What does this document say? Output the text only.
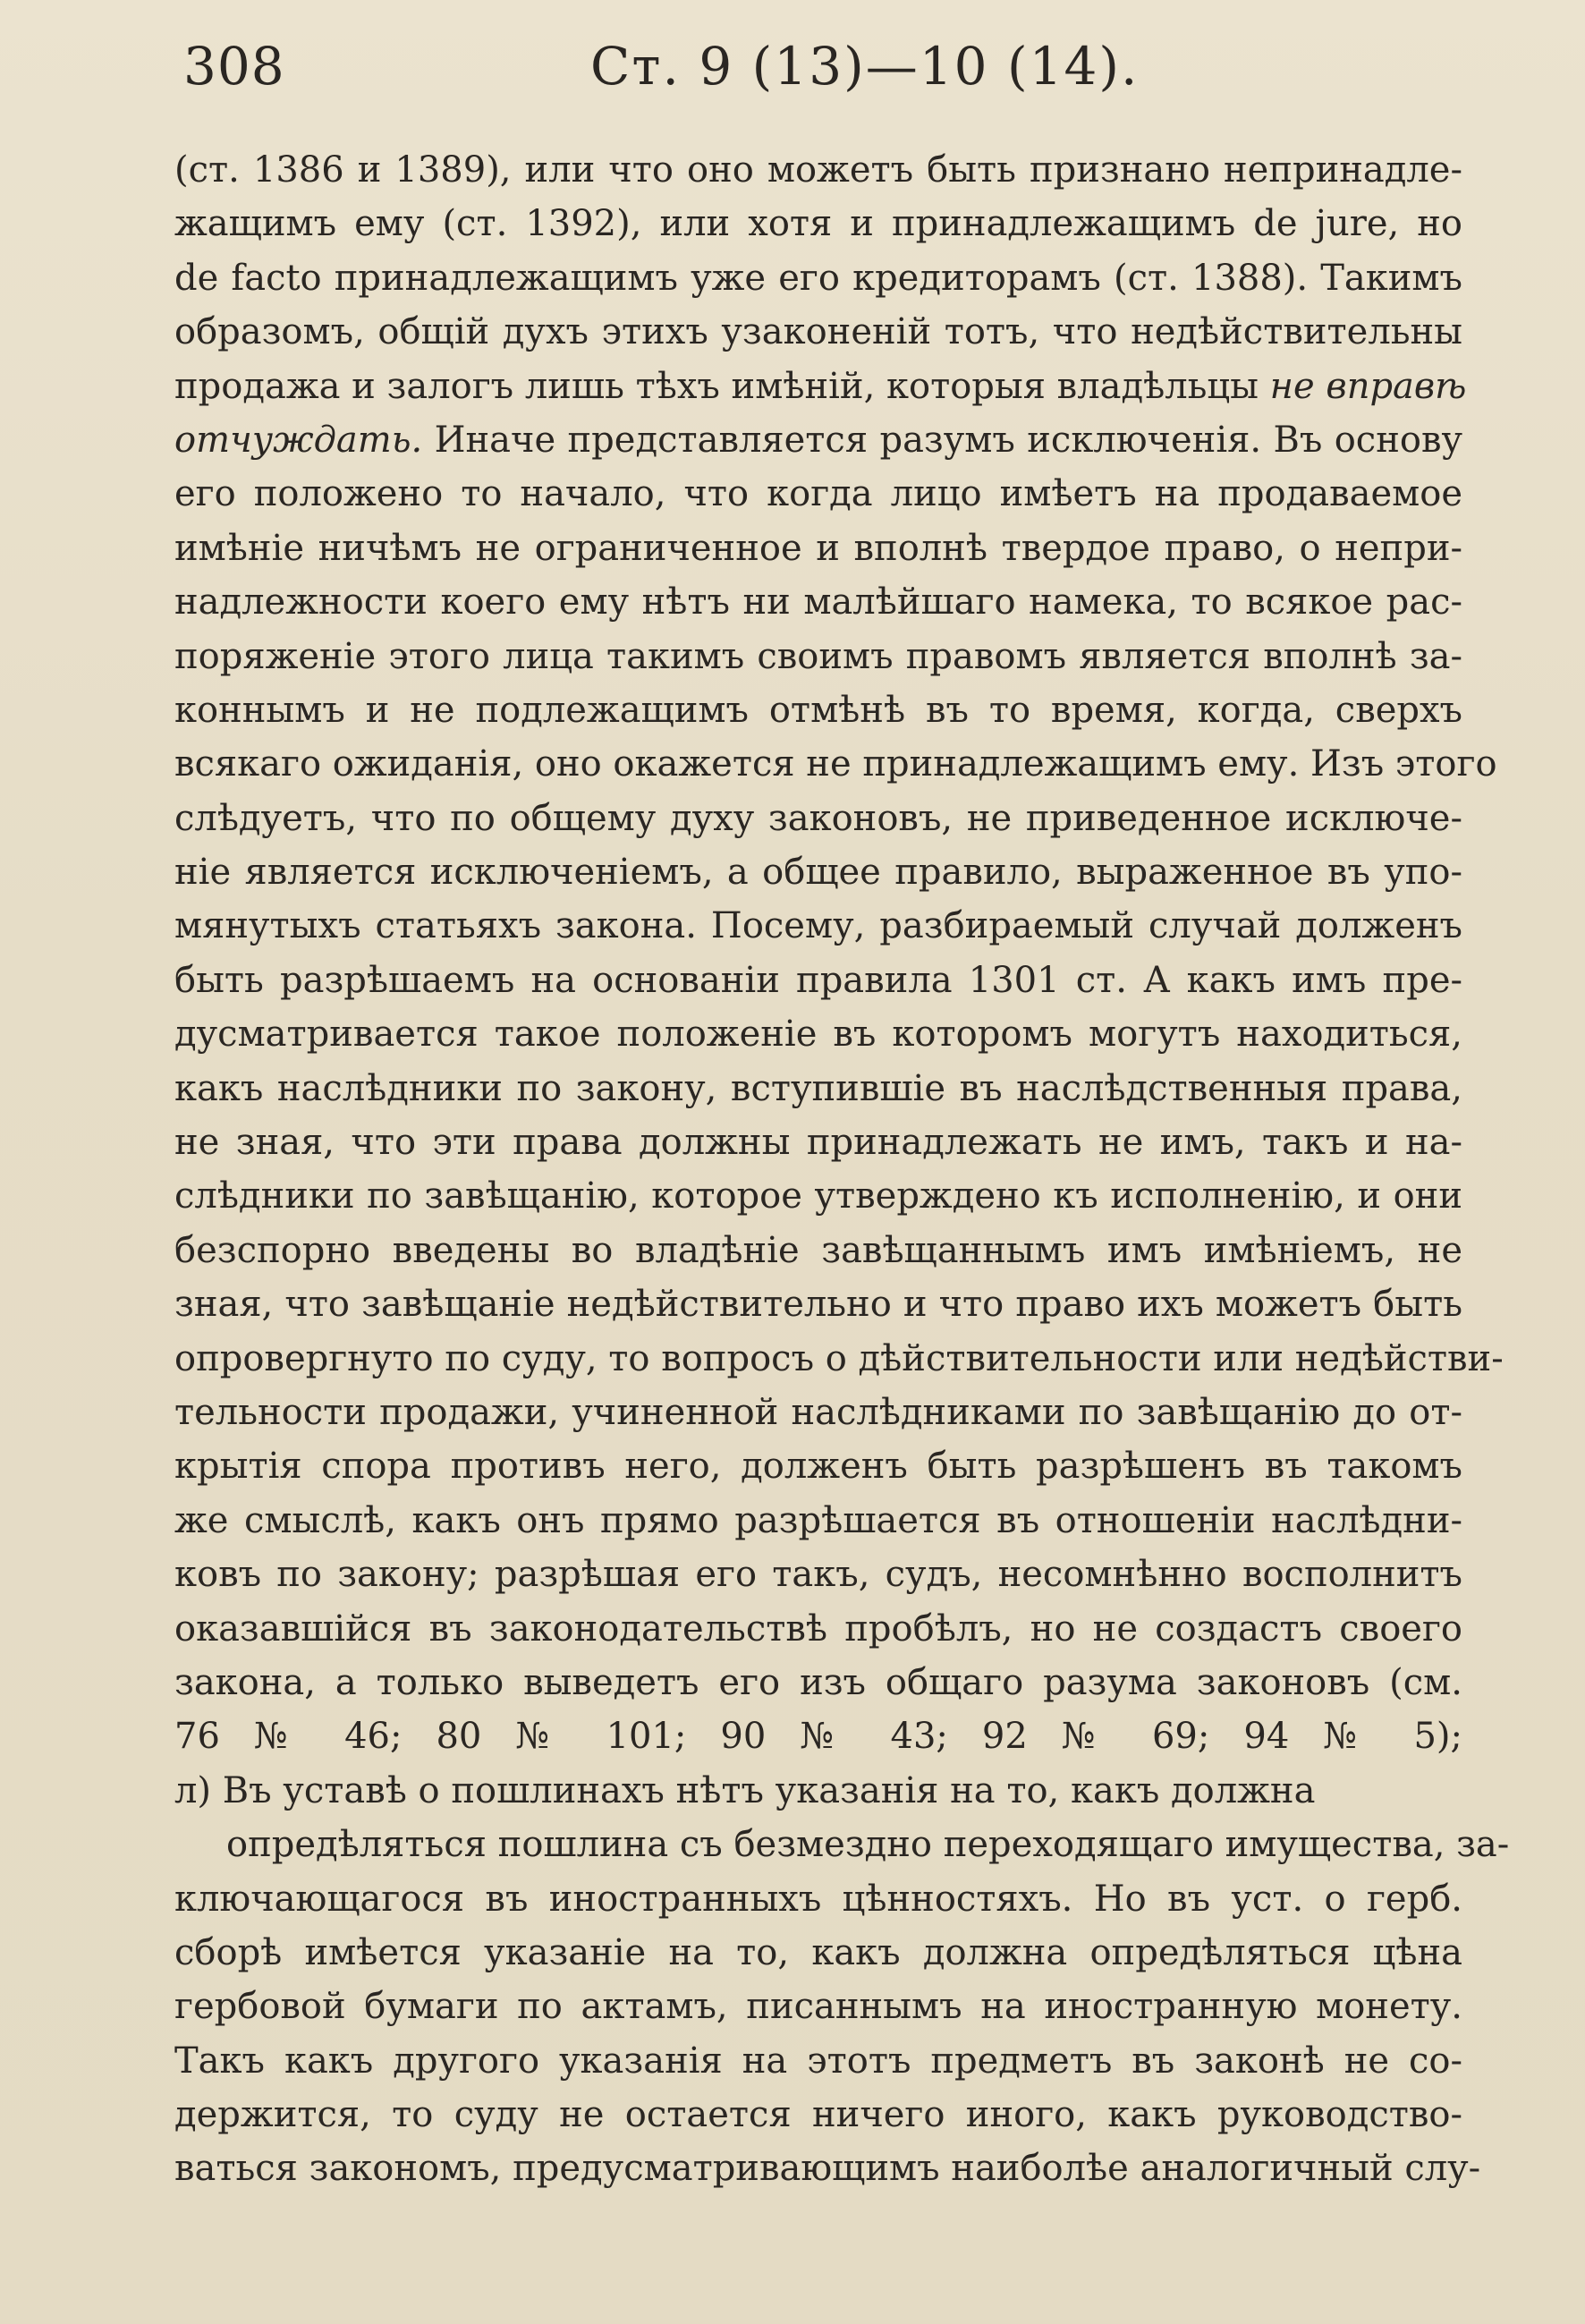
308	Ст. 9 (13)—10 (14).
(ст. 1386 и 1389), или что оно можетъ быть признано непринадле-
жащимъ ему (ст. 1392), или хотя и принадлежащимъ de jure, но
de facto принадлежащимъ уже его кредиторамъ (ст. 1388). Такимъ
образомъ, общій духъ этихъ узаконеній тотъ, что недѣйствительны
продажа и залогъ лишь тѣхъ имѣній, которыя владѣльцы не вправѣ
отчуждать. Иначе представляется разумъ исключенія. Въ основу
его положено то начало, что когда лицо имѣетъ на продаваемое
имѣніе ничѣмъ не ограниченное и вполнѣ твердое право, о непри-
надлежности коего ему нѣтъ ни малѣйшаго намека, то всякое рас-
поряженіе этого лица такимъ своимъ правомъ является вполнѣ за-
коннымъ и не подлежащимъ отмѣнѣ въ то время, когда, сверхъ
всякаго ожиданія, оно окажется не принадлежащимъ ему. Изъ этого
слѣдуетъ, что по общему духу законовъ, не приведенное исключе-
ніе является исключеніемъ, а общее правило, выраженное въ упо-
мянутыхъ статьяхъ закона. Посему, разбираемый случай долженъ
быть разрѣшаемъ на основаніи правила 1301 ст. А какъ имъ пре-
дусматривается такое положеніе въ которомъ могутъ находиться,
какъ наслѣдники по закону, вступившіе въ наслѣдственныя права,
не зная, что эти права должны принадлежать не имъ, такъ и на-
слѣдники по завѣщанію, которое утверждено къ исполненію, и они
безспорно введены во владѣніе завѣщаннымъ имъ имѣніемъ, не
зная, что завѣщаніе недѣйствительно и что право ихъ можетъ быть
опровергнуто по суду, то вопросъ о дѣйствительности или недѣйстви-
тельности продажи, учиненной наслѣдниками по завѣщанію до от-
крытія спора противъ него, долженъ быть разрѣшенъ въ такомъ
же смыслѣ, какъ онъ прямо разрѣшается въ отношеніи наслѣдни-
ковъ по закону; разрѣшая его такъ, судъ, несомнѣнно восполнитъ
оказавшійся въ законодательствѣ пробѣлъ, но не создастъ своего
закона, а только выведетъ его изъ общаго разума законовъ (см.
76 № 46; 80 № 101; 90 № 43; 92 № 69; 94 № 5);
л) Въ уставѣ о пошлинахъ нѣтъ указанія на то, какъ должна
опредѣляться пошлина съ безмездно переходящаго имущества, за-
ключающагося въ иностранныхъ цѣнностяхъ. Но въ уст. о герб.
сборѣ имѣется указаніе на то, какъ должна опредѣляться цѣна
гербовой бумаги по актамъ, писаннымъ на иностранную монету.
Такъ какъ другого указанія на этотъ предметъ въ законѣ не со-
держится, то суду не остается ничего иного, какъ руководство-
ваться закономъ, предусматривающимъ наиболѣе аналогичный слу-
